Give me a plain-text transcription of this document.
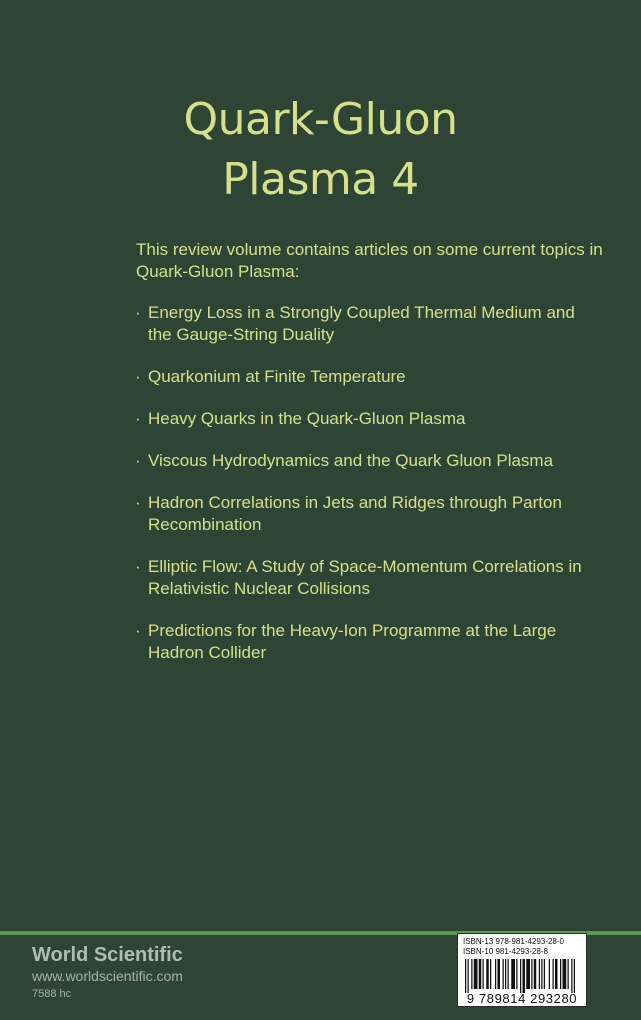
Quark-Gluon
Plasma 4
This review volume contains articles on some current topics in Quark-Gluon Plasma:
· Energy Loss in a Strongly Coupled Thermal Medium and the Gauge-String Duality
· Quarkonium at Finite Temperature
· Heavy Quarks in the Quark-Gluon Plasma
· Viscous Hydrodynamics and the Quark Gluon Plasma
· Hadron Correlations in Jets and Ridges through Parton Recombination
· Elliptic Flow: A Study of Space-Momentum Correlations in Relativistic Nuclear Collisions
· Predictions for the Heavy-Ion Programme at the Large Hadron Collider
World Scientific
www.worldscientific.com
7588 hc
ISBN-13 978-981-4293-28-0
ISBN-10 981-4293-28-8
9 789814 293280
